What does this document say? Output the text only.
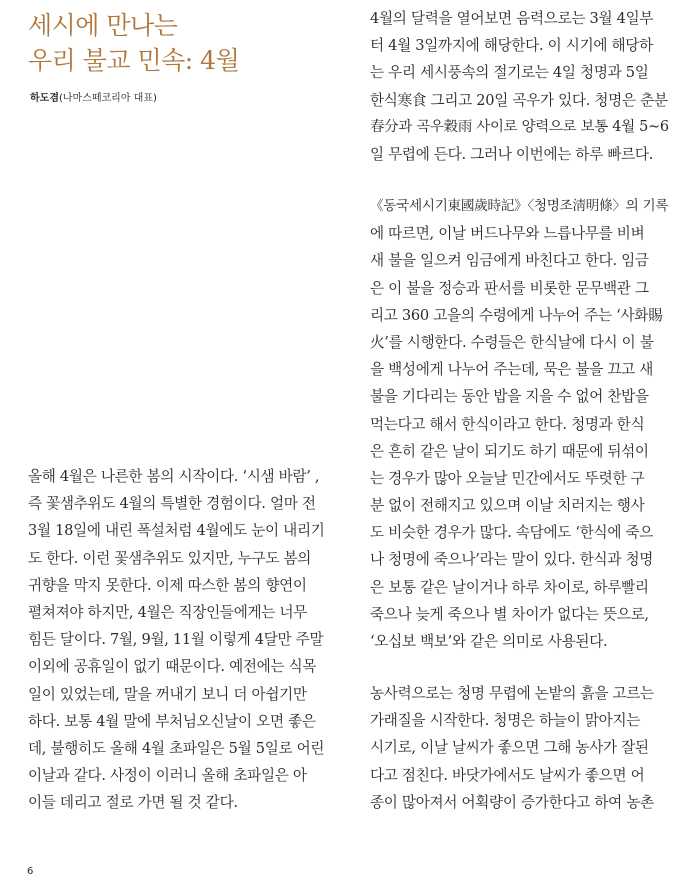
세시에 만나는
우리 불교 민속: 4월
하도겸(나마스떼코리아 대표)
올해 4월은 나른한 봄의 시작이다. ‘시샘 바람’ ,
즉 꽃샘추위도 4월의 특별한 경험이다. 얼마 전
3월 18일에 내린 폭설처럼 4월에도 눈이 내리기
도 한다. 이런 꽃샘추위도 있지만, 누구도 봄의
귀향을 막지 못한다. 이제 따스한 봄의 향연이
펼쳐져야 하지만, 4월은 직장인들에게는 너무
힘든 달이다. 7월, 9월, 11월 이렇게 4달만 주말
이외에 공휴일이 없기 때문이다. 예전에는 식목
일이 있었는데, 말을 꺼내기 보니 더 아쉽기만
하다. 보통 4월 말에 부처님오신날이 오면 좋은
데, 불행히도 올해 4월 초파일은 5월 5일로 어린
이날과 같다. 사정이 이러니 올해 초파일은 아
이들 데리고 절로 가면 될 것 같다.
4월의 달력을 열어보면 음력으로는 3월 4일부
터 4월 3일까지에 해당한다. 이 시기에 해당하
는 우리 세시풍속의 절기로는 4일 청명과 5일
한식寒食 그리고 20일 곡우가 있다. 청명은 춘분
春分과 곡우穀雨 사이로 양력으로 보통 4월 5~6
일 무렵에 든다. 그러나 이번에는 하루 빠르다.
《동국세시기東國歲時記》〈청명조淸明條〉의 기록
에 따르면, 이날 버드나무와 느릅나무를 비벼
새 불을 일으켜 임금에게 바친다고 한다. 임금
은 이 불을 정승과 판서를 비롯한 문무백관 그
리고 360 고을의 수령에게 나누어 주는 ‘사화賜
火’를 시행한다. 수령들은 한식날에 다시 이 불
을 백성에게 나누어 주는데, 묵은 불을 끄고 새
불을 기다리는 동안 밥을 지을 수 없어 찬밥을
먹는다고 해서 한식이라고 한다. 청명과 한식
은 흔히 같은 날이 되기도 하기 때문에 뒤섞이
는 경우가 많아 오늘날 민간에서도 뚜렷한 구
분 없이 전해지고 있으며 이날 치러지는 행사
도 비슷한 경우가 많다. 속담에도 ‘한식에 죽으
나 청명에 죽으나’라는 말이 있다. 한식과 청명
은 보통 같은 날이거나 하루 차이로, 하루빨리
죽으나 늦게 죽으나 별 차이가 없다는 뜻으로,
‘오십보 백보’와 같은 의미로 사용된다.
농사력으로는 청명 무렵에 논밭의 흙을 고르는
가래질을 시작한다. 청명은 하늘이 맑아지는
시기로, 이날 날씨가 좋으면 그해 농사가 잘된
다고 점친다. 바닷가에서도 날씨가 좋으면 어
종이 많아져서 어획량이 증가한다고 하여 농촌
6
